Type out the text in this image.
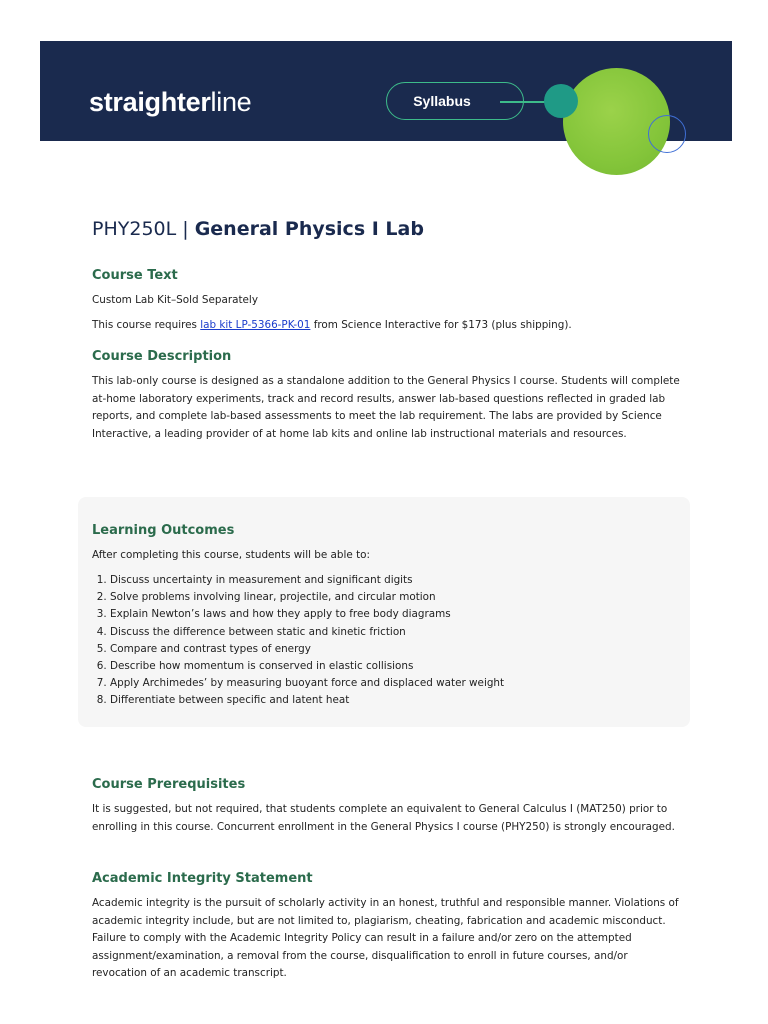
straighterline	Syllabus
PHY250L | General Physics I Lab
Course Text

Custom Lab Kit–Sold Separately

This course requires lab kit LP-5366-PK-01 from Science Interactive for $173 (plus shipping).

Course Description

This lab-only course is designed as a standalone addition to the General Physics I course. Students will complete at-home laboratory experiments, track and record results, answer lab-based questions reflected in graded lab reports, and complete lab-based assessments to meet the lab requirement. The labs are provided by Science Interactive, a leading provider of at home lab kits and online lab instructional materials and resources.

Learning Outcomes

After completing this course, students will be able to:

1. Discuss uncertainty in measurement and significant digits
2. Solve problems involving linear, projectile, and circular motion
3. Explain Newton’s laws and how they apply to free body diagrams
4. Discuss the difference between static and kinetic friction
5. Compare and contrast types of energy
6. Describe how momentum is conserved in elastic collisions
7. Apply Archimedes’ by measuring buoyant force and displaced water weight
8. Differentiate between specific and latent heat
Course Prerequisites

It is suggested, but not required, that students complete an equivalent to General Calculus I (MAT250) prior to enrolling in this course. Concurrent enrollment in the General Physics I course (PHY250) is strongly encouraged.

Academic Integrity Statement

Academic integrity is the pursuit of scholarly activity in an honest, truthful and responsible manner. Violations of academic integrity include, but are not limited to, plagiarism, cheating, fabrication and academic misconduct. Failure to comply with the Academic Integrity Policy can result in a failure and/or zero on the attempted assignment/examination, a removal from the course, disqualification to enroll in future courses, and/or revocation of an academic transcript.
